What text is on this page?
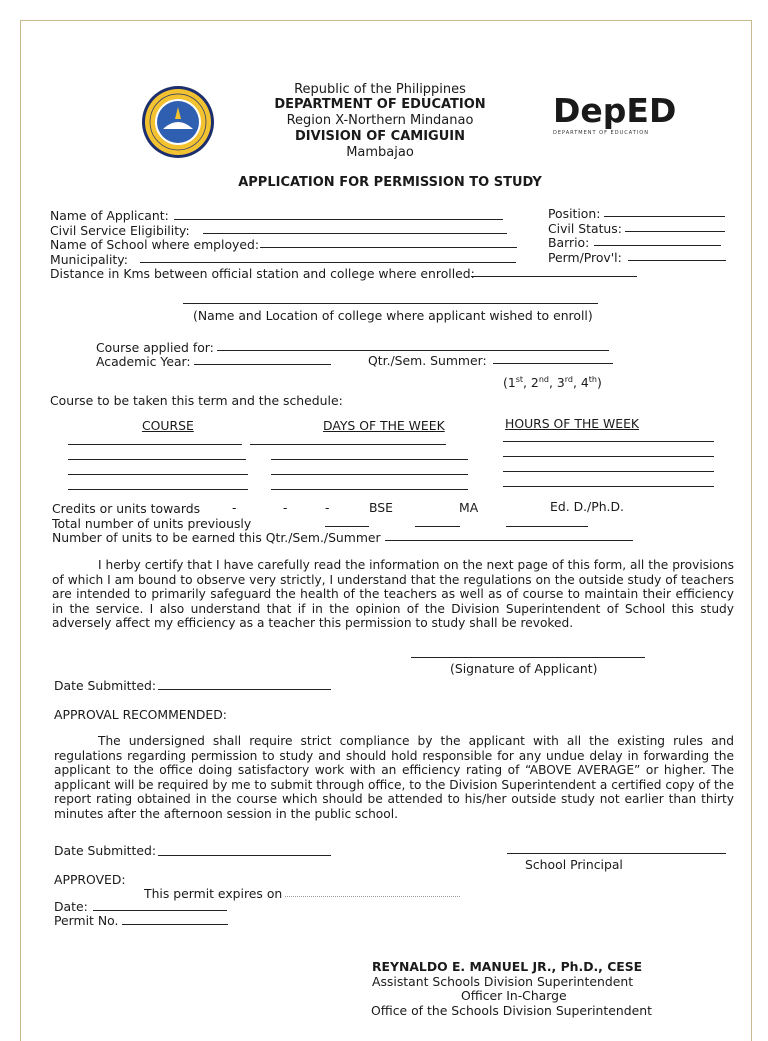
Republic of the Philippines
DEPARTMENT OF EDUCATION
Region X-Northern Mindanao
DIVISION OF CAMIGUIN
Mambajao
DepED
DEPARTMENT OF EDUCATION
APPLICATION FOR PERMISSION TO STUDY
Name of Applicant:
Civil Service Eligibility:
Name of School where employed:
Municipality:
Distance in Kms between official station and college where enrolled:
Position:
Civil Status:
Barrio:
Perm/Prov'l:
(Name and Location of college where applicant wished to enroll)
Course applied for:
Academic Year:	Qtr./Sem. Summer:
(1st, 2nd, 3rd, 4th)
Course to be taken this term and the schedule:
COURSE	DAYS OF THE WEEK	HOURS OF THE WEEK
Credits or units towards	-	-	-	BSE	MA	Ed. D./Ph.D.
Total number of units previously
Number of units to be earned this Qtr./Sem./Summer
I herby certify that I have carefully read the information on the next page of this form, all the provisions of which I am bound to observe very strictly, I understand that the regulations on the outside study of teachers are intended to primarily safeguard the health of the teachers as well as of course to maintain their efficiency in the service. I also understand that if in the opinion of the Division Superintendent of School this study adversely affect my efficiency as a teacher this permission to study shall be revoked.
(Signature of Applicant)
Date Submitted:
APPROVAL RECOMMENDED:
The undersigned shall require strict compliance by the applicant with all the existing rules and regulations regarding permission to study and should hold responsible for any undue delay in forwarding the applicant to the office doing satisfactory work with an efficiency rating of “ABOVE AVERAGE” or higher. The applicant will be required by me to submit through office, to the Division Superintendent a certified copy of the report rating obtained in the course which should be attended to his/her outside study not earlier than thirty minutes after the afternoon session in the public school.
Date Submitted:
School Principal
APPROVED:
This permit expires on
Date:
Permit No.
REYNALDO E. MANUEL JR., Ph.D., CESE
Assistant Schools Division Superintendent
Officer In-Charge
Office of the Schools Division Superintendent
